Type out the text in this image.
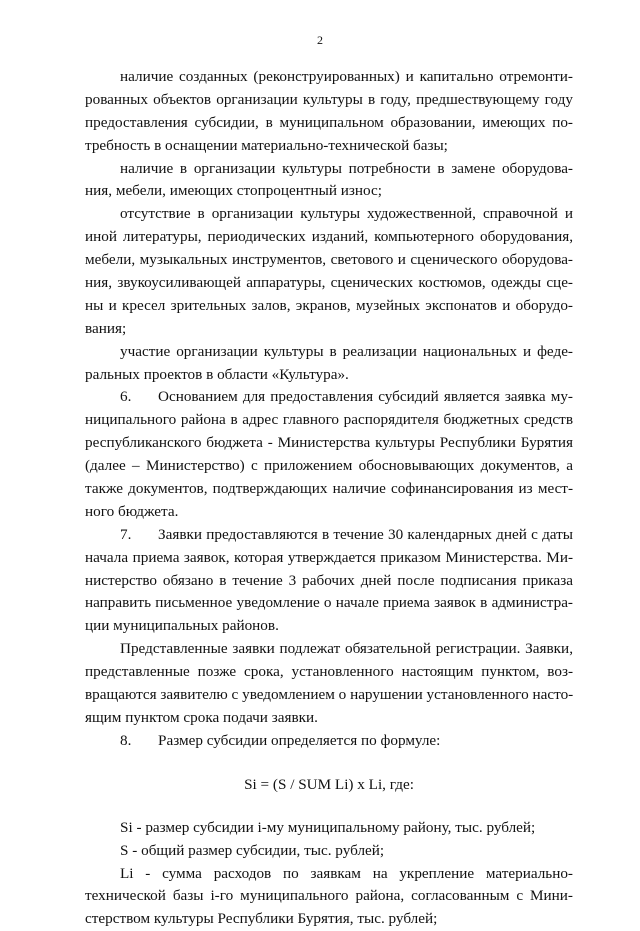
2
наличие созданных (реконструированных) и капитально отремонти-
рованных объектов организации культуры в году, предшествующему году
предоставления субсидии, в муниципальном образовании, имеющих по-
требность в оснащении материально-технической базы;
наличие в организации культуры потребности в замене оборудова-
ния, мебели, имеющих стопроцентный износ;
отсутствие в организации культуры художественной, справочной и
иной литературы, периодических изданий, компьютерного оборудования,
мебели, музыкальных инструментов, светового и сценического оборудова-
ния, звукоусиливающей аппаратуры, сценических костюмов, одежды сце-
ны и кресел зрительных залов, экранов, музейных экспонатов и оборудо-
вания;
участие организации культуры в реализации национальных и феде-
ральных проектов в области «Культура».
6.	Основанием для предоставления субсидий является заявка му-
ниципального района в адрес главного распорядителя бюджетных средств
республиканского бюджета - Министерства культуры Республики Бурятия
(далее – Министерство) с приложением обосновывающих документов, а
также документов, подтверждающих наличие софинансирования из мест-
ного бюджета.
7.	Заявки предоставляются в течение 30 календарных дней с даты
начала приема заявок, которая утверждается приказом Министерства. Ми-
нистерство обязано в течение 3 рабочих дней после подписания приказа
направить письменное уведомление о начале приема заявок в администра-
ции муниципальных районов.
Представленные заявки подлежат обязательной регистрации. Заявки,
представленные позже срока, установленного настоящим пунктом, воз-
вращаются заявителю с уведомлением о нарушении установленного насто-
ящим пунктом срока подачи заявки.
8.	Размер субсидии определяется по формуле:
Si = (S / SUM Li) x Li, где:
Si - размер субсидии i-му муниципальному району, тыс. рублей;
S - общий размер субсидии, тыс. рублей;
Li - сумма расходов по заявкам на укрепление материально-
технической базы i-го муниципального района, согласованным с Мини-
стерством культуры Республики Бурятия, тыс. рублей;
